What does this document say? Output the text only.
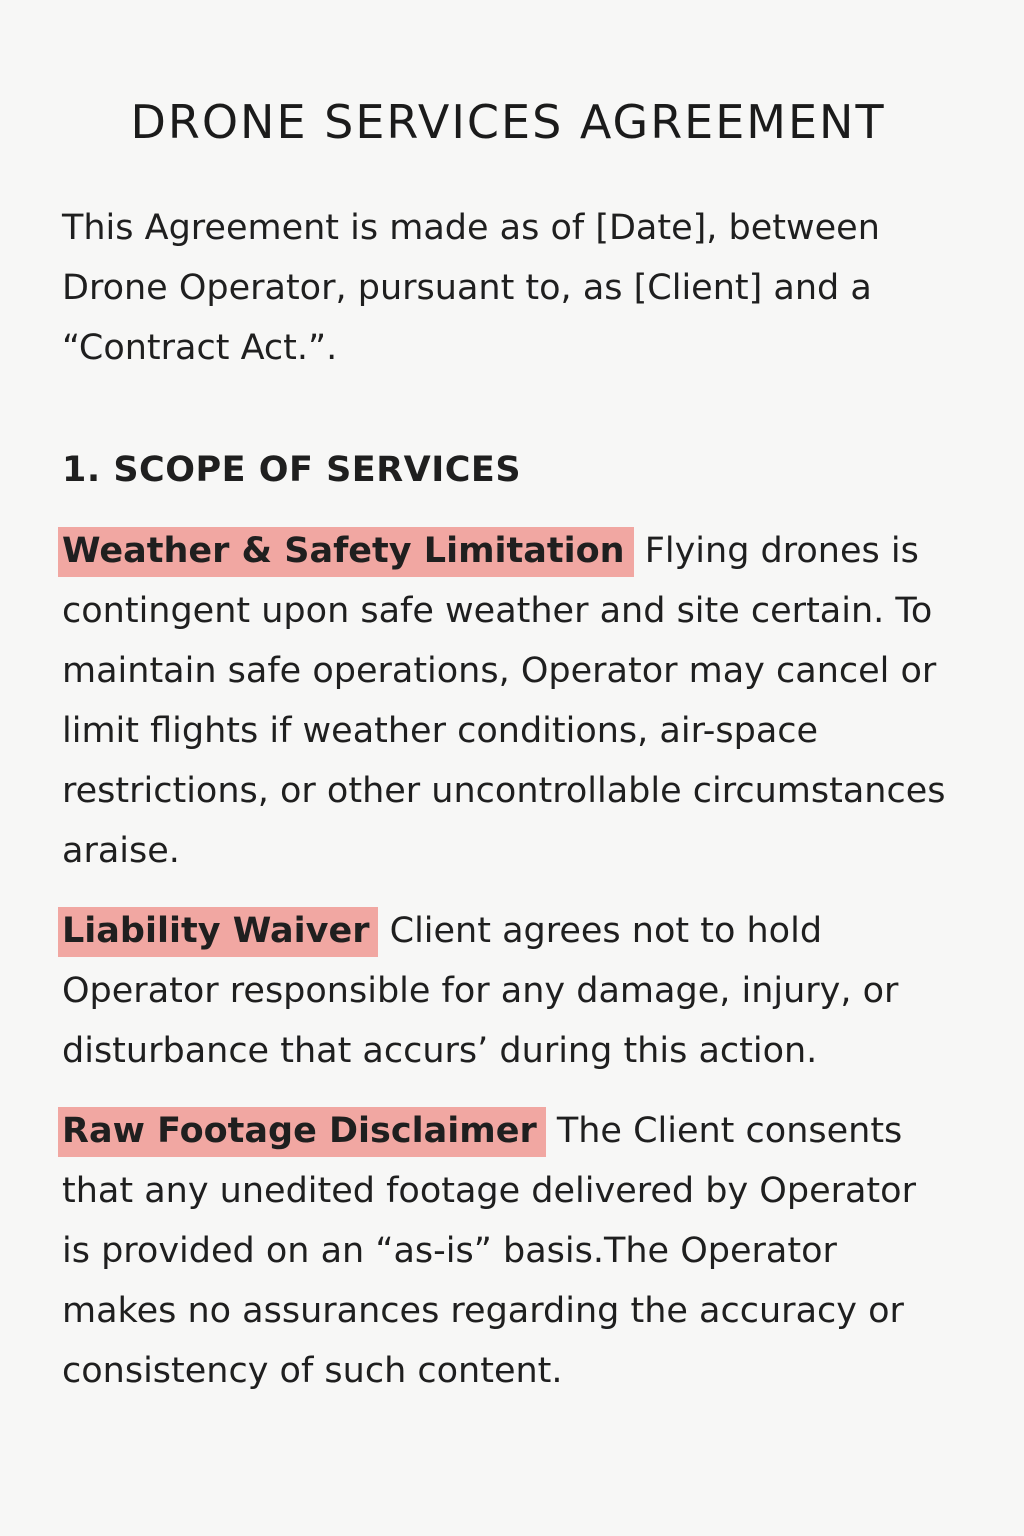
DRONE SERVICES AGREEMENT

This Agreement is made as of [Date], between Drone Operator, pursuant to, as [Client] and a “Contract Act.”.

1. SCOPE OF SERVICES

Weather & Safety Limitation Flying drones is contingent upon safe weather and site certain. To maintain safe operations, Operator may cancel or limit flights if weather conditions, air-space restrictions, or other uncontrollable circumstances araise.

Liability Waiver Client agrees not to hold Operator responsible for any damage, injury, or disturbance that accurs’ during this action.

Raw Footage Disclaimer The Client consents that any unedited footage delivered by Operator is provided on an “as-is” basis.The Operator makes no assurances regarding the accuracy or consistency of such content.
